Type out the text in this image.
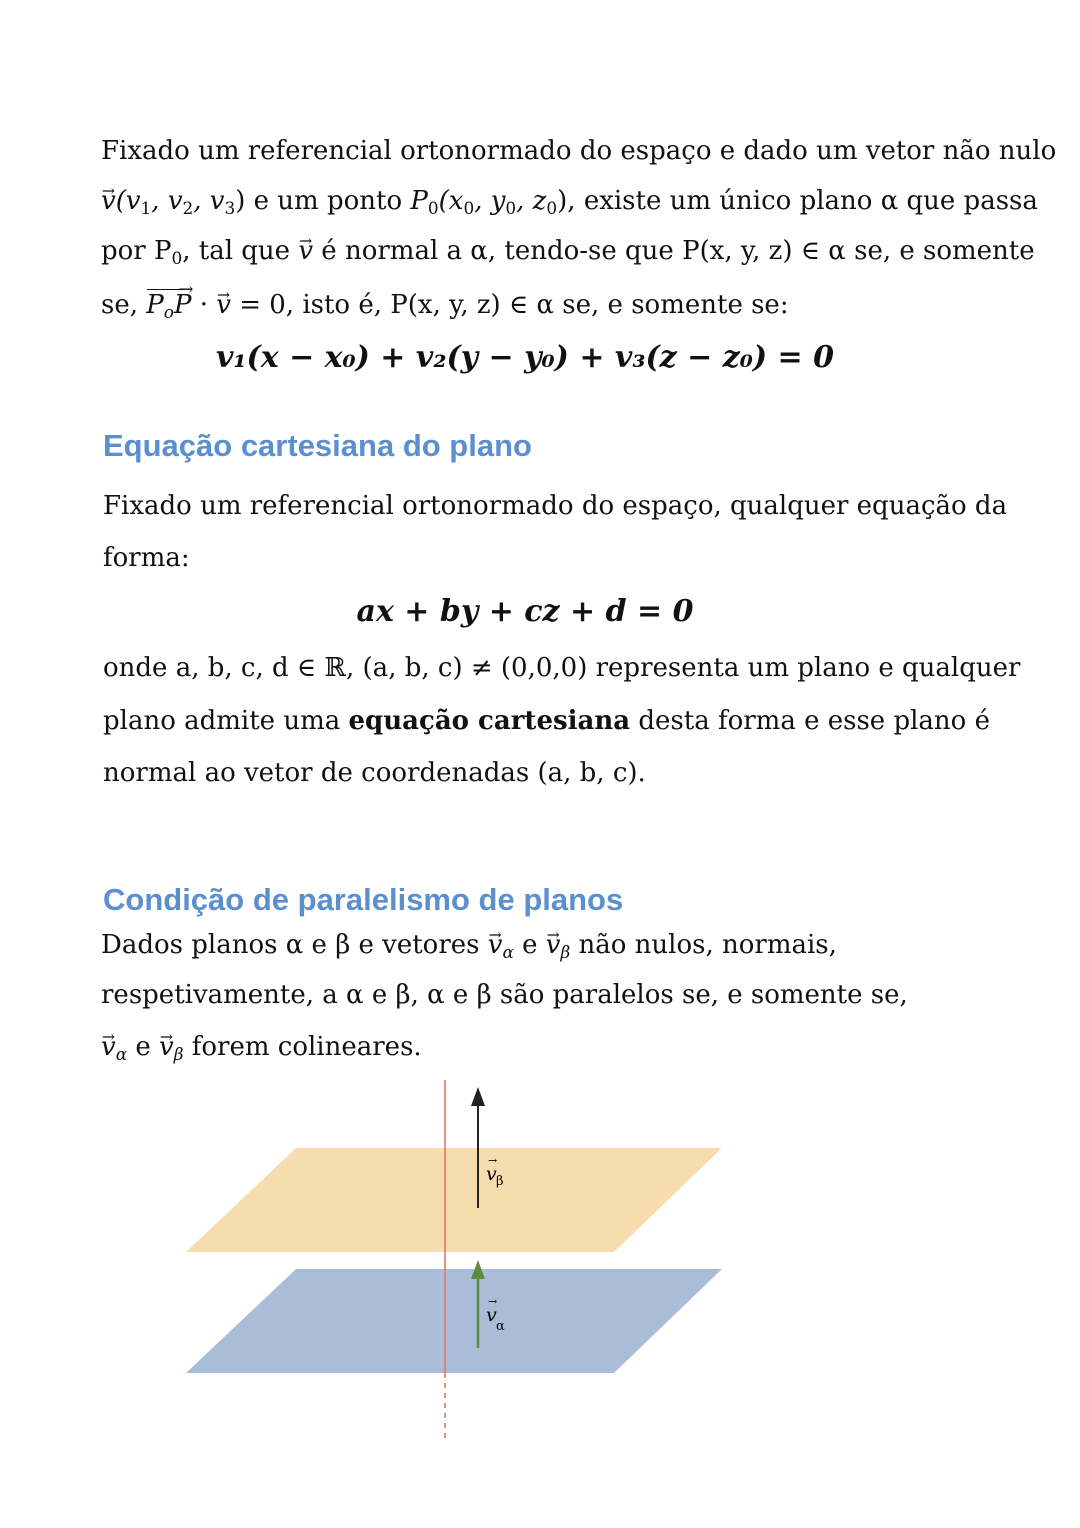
Fixado um referencial ortonormado do espaço e dado um vetor não nulo
→ $v(v_1$, $v_2$, $v_3$) e um ponto $P_0(x_0$, $y_0$, $z_0$), existe um único plano α que passa
por $P_0$, tal que → v é normal a α, tendo-se que P(x, y, z) ∈ α se, e somente
se, $P_oP$ → · → v = 0, isto é, P(x, y, z) ∈ α se, e somente se:
v₁(x − x₀) + v₂(y − y₀) + v₃(z − z₀) = 0
Equação cartesiana do plano
Fixado um referencial ortonormado do espaço, qualquer equação da
forma:
ax + by + cz + d = 0
onde a, b, c, d ∈ ℝ, (a, b, c) ≠ (0,0,0) representa um plano e qualquer
plano admite uma equação cartesiana desta forma e esse plano é
normal ao vetor de coordenadas (a, b, c).
Condição de paralelismo de planos
Dados planos α e β e vetores → $v_\alpha$ $e \to v_\beta$ não nulos, normais,
respetivamente, a α e β, α e β são paralelos se, e somente se,
→ $v_\alpha$ $e \to v_\beta$ forem colineares.
v β
→
v
α
→
